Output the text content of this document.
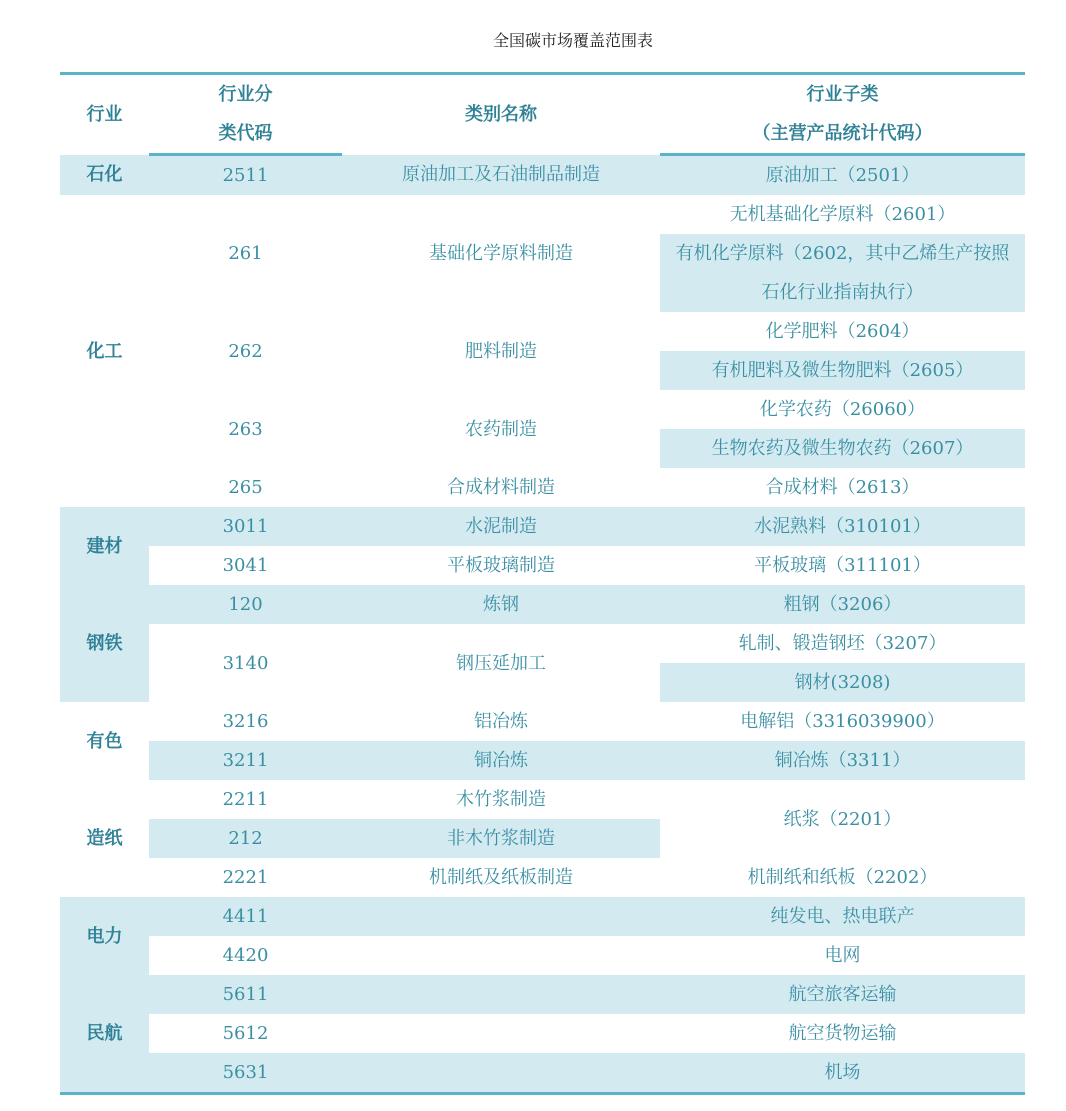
全国碳市场覆盖范围表
行业	行业分	类别名称	行业子类
	类代码		（主营产品统计代码）
石化	2511	原油加工及石油制品制造	原油加工（2501）
化工	261	基础化学原料制造	无机基础化学原料（2601）
			有机化学原料（2602，其中乙烯生产按照
			石化行业指南执行）
	262	肥料制造	化学肥料（2604）
			有机肥料及微生物肥料（2605）
	263	农药制造	化学农药（26060）
			生物农药及微生物农药（2607）
	265	合成材料制造	合成材料（2613）
建材	3011	水泥制造	水泥熟料（310101）
	3041	平板玻璃制造	平板玻璃（311101）
钢铁	120	炼钢	粗钢（3206）
	3140	钢压延加工	轧制、锻造钢坯（3207）
			钢材(3208)
有色	3216	铝冶炼	电解铝（3316039900）
	3211	铜冶炼	铜冶炼（3311）
造纸	2211	木竹浆制造	纸浆（2201）
	212	非木竹浆制造	
	2221	机制纸及纸板制造	机制纸和纸板（2202）
电力	4411		纯发电、热电联产
	4420		电网
民航	5611		航空旅客运输
	5612		航空货物运输
	5631		机场
